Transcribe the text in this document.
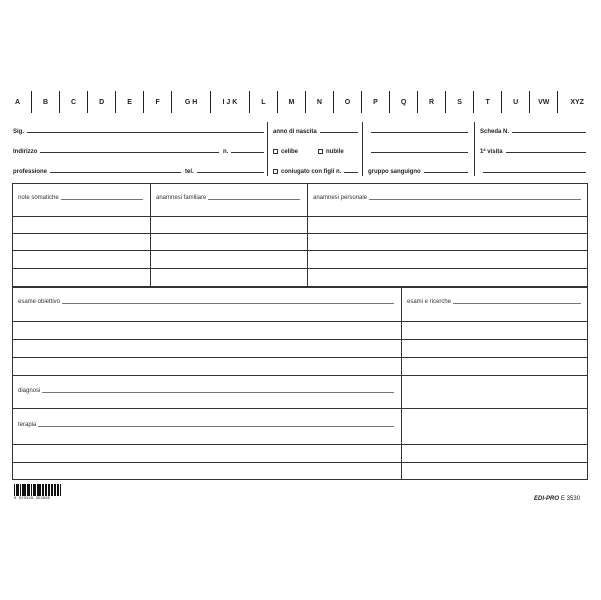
A	B	C	D	E	F	G H	I J K	L	M	N	O	P	Q	R	S	T	U	VW	XYZ
Sig.
Indirizzo	n.
professione	tel.
anno di nascita
celibe	nubile
coniugato con figli n.	gruppo sanguigno
Scheda N.
1ª visita
note somatiche	anamnesi familiare	anamnesi personale
esame obiettivo	esami e ricerche
diagnosi
terapia
8 023328 353005	EDI-PRO E 3530
